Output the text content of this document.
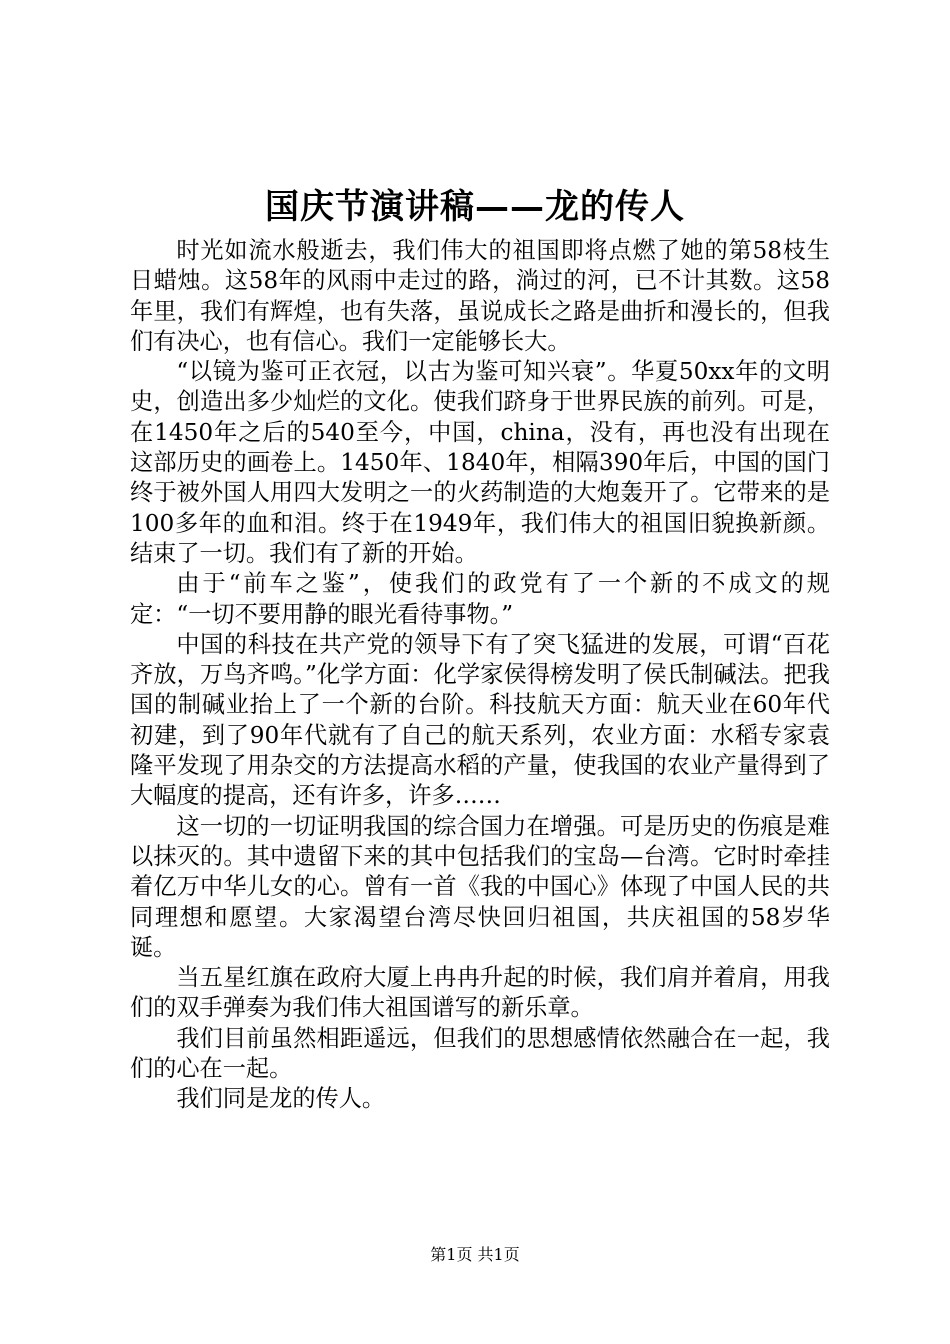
国庆节演讲稿——龙的传人

时光如流水般逝去，我们伟大的祖国即将点燃了她的第58枝生日蜡烛。这58年的风雨中走过的路，淌过的河，已不计其数。这58年里，我们有辉煌，也有失落，虽说成长之路是曲折和漫长的，但我们有决心，也有信心。我们一定能够长大。

“以镜为鉴可正衣冠，以古为鉴可知兴衰”。华夏50xx年的文明史，创造出多少灿烂的文化。使我们跻身于世界民族的前列。可是，在1450年之后的540至今，中国，china，没有，再也没有出现在这部历史的画卷上。1450年、1840年，相隔390年后，中国的国门终于被外国人用四大发明之一的火药制造的大炮轰开了。它带来的是100多年的血和泪。终于在1949年，我们伟大的祖国旧貌换新颜。结束了一切。我们有了新的开始。

由于“前车之鉴”，使我们的政党有了一个新的不成文的规定：“一切不要用静的眼光看待事物。”

中国的科技在共产党的领导下有了突飞猛进的发展，可谓“百花齐放，万鸟齐鸣。”化学方面：化学家侯得榜发明了侯氏制碱法。把我国的制碱业抬上了一个新的台阶。科技航天方面：航天业在60年代初建，到了90年代就有了自己的航天系列，农业方面：水稻专家袁隆平发现了用杂交的方法提高水稻的产量，使我国的农业产量得到了大幅度的提高，还有许多，许多……

这一切的一切证明我国的综合国力在增强。可是历史的伤痕是难以抹灭的。其中遗留下来的其中包括我们的宝岛—台湾。它时时牵挂着亿万中华儿女的心。曾有一首《我的中国心》体现了中国人民的共同理想和愿望。大家渴望台湾尽快回归祖国，共庆祖国的58岁华诞。

当五星红旗在政府大厦上冉冉升起的时候，我们肩并着肩，用我们的双手弹奏为我们伟大祖国谱写的新乐章。

我们目前虽然相距遥远，但我们的思想感情依然融合在一起，我们的心在一起。

我们同是龙的传人。

第1页 共1页
